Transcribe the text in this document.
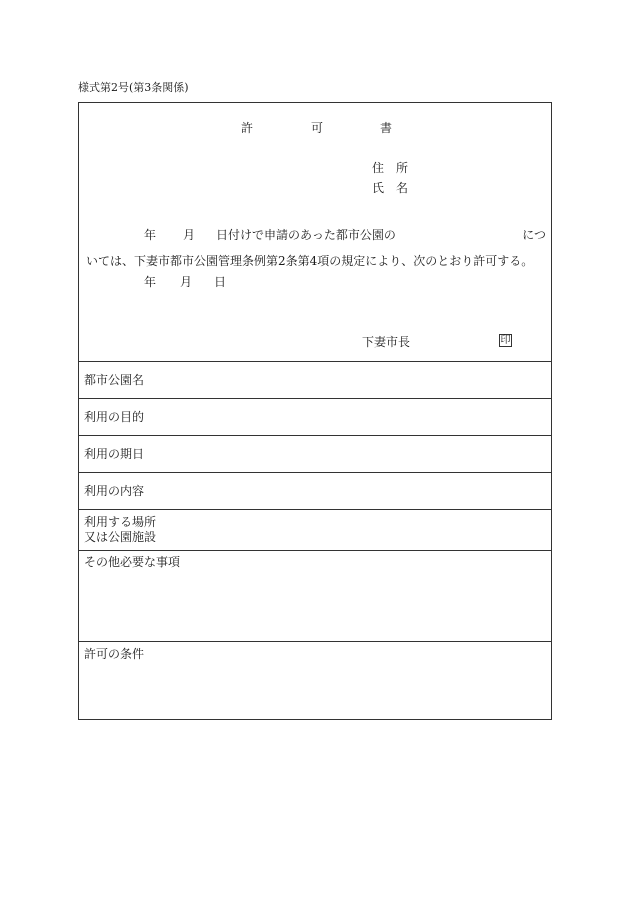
様式第2号(第3条関係)
許	可	書
住　所
氏　名
年 月 日付けで申請のあった都市公園の	につ
いては、下妻市都市公園管理条例第2条第4項の規定により、次のとおり許可する。
年 月 日
下妻市長	印
都市公園名
利用の目的
利用の期日
利用の内容
利用する場所
又は公園施設
その他必要な事項
許可の条件
